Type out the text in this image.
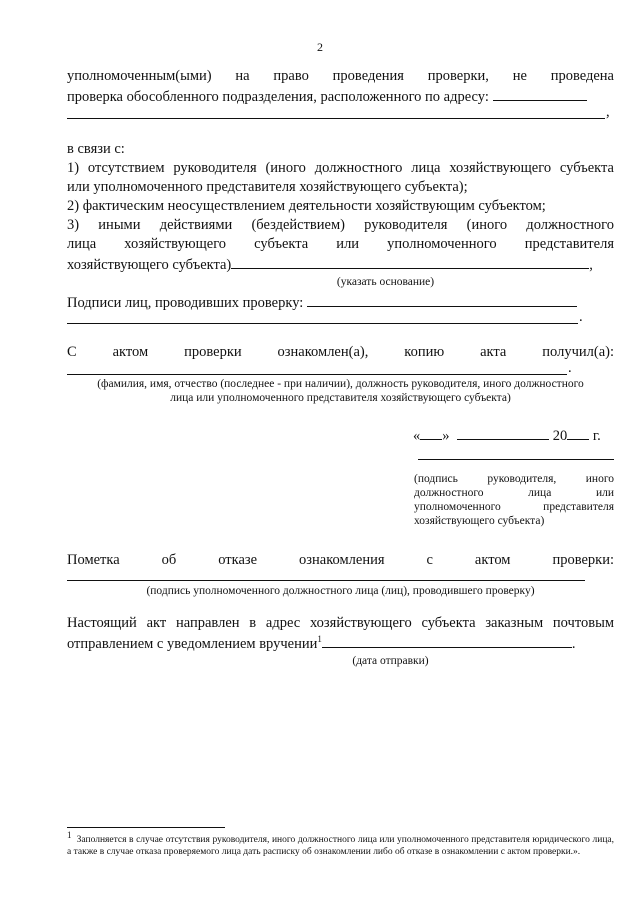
2
уполномоченным(ыми) на право проведения проверки, не проведена
проверка обособленного подразделения, расположенного по адресу:
,
в связи с:
1) отсутствием руководителя (иного должностного лица хозяйствующего субъекта
или уполномоченного представителя хозяйствующего субъекта);
2) фактическим неосуществлением деятельности хозяйствующим субъектом;
3) иными действиями (бездействием) руководителя (иного должностного
лица хозяйствующего субъекта или уполномоченного представителя
хозяйствующего субъекта)	,
(указать основание)
Подписи лиц, проводивших проверку:
.
С актом проверки ознакомлен(а), копию акта получил(а):
.
(фамилия, имя, отчество (последнее - при наличии), должность руководителя, иного должностного
лица или уполномоченного представителя хозяйствующего субъекта)
« »	20 г.
(подпись руководителя, иного
должностного лица или
уполномоченного представителя
хозяйствующего субъекта)
Пометка об отказе ознакомления с актом проверки:
(подпись уполномоченного должностного лица (лиц), проводившего проверку)
Настоящий акт направлен в адрес хозяйствующего субъекта заказным почтовым
отправлением с уведомлением вручении$^1$	.
(дата отправки)
$^1$  Заполняется в случае отсутствия руководителя, иного должностного лица или уполномоченного представителя юридического лица, а также в случае отказа проверяемого лица дать расписку об ознакомлении либо об отказе в ознакомлении с актом проверки.».
